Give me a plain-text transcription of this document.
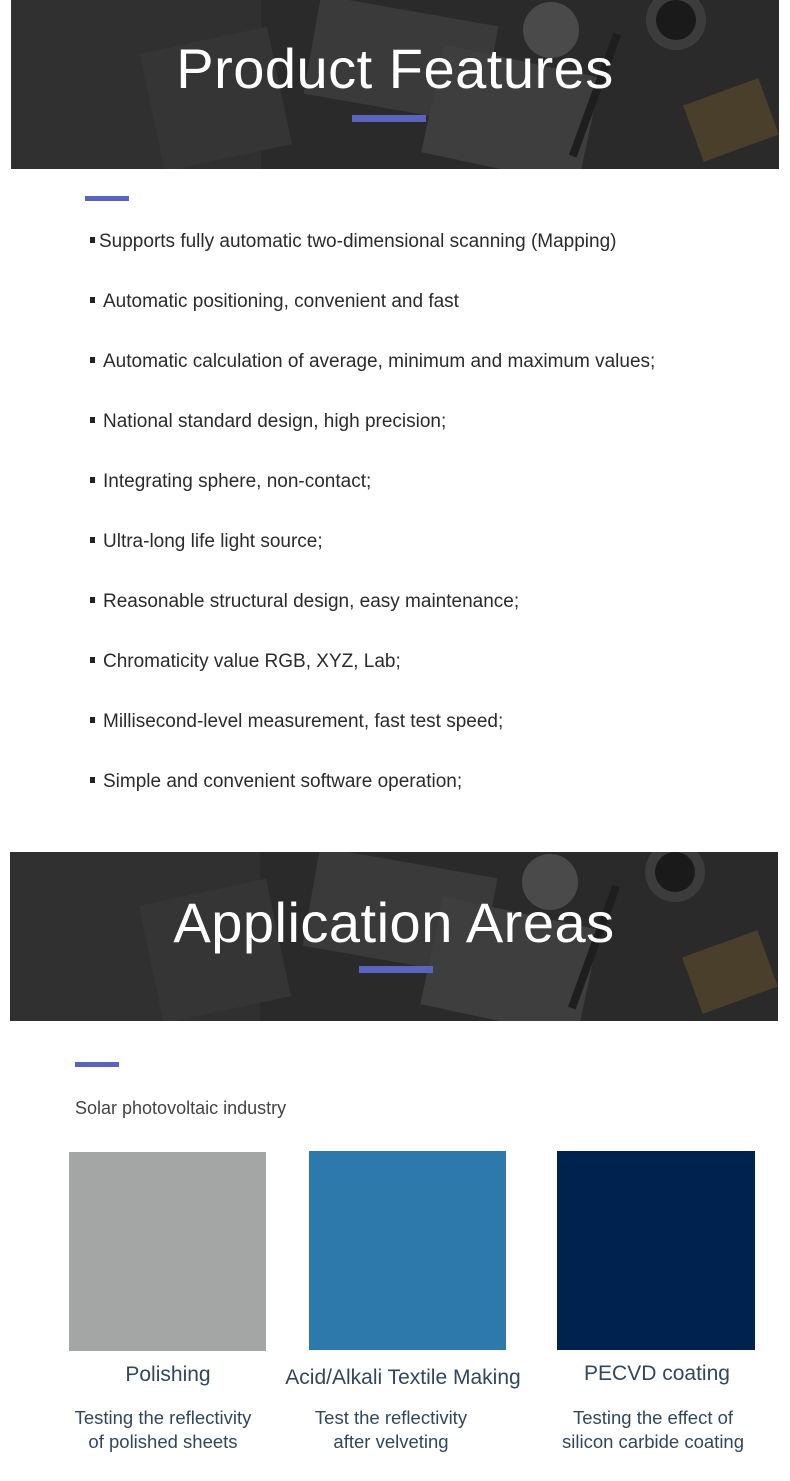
Product Features
Supports fully automatic two-dimensional scanning (Mapping)
Automatic positioning, convenient and fast
Automatic calculation of average, minimum and maximum values;
National standard design, high precision;
Integrating sphere, non-contact;
Ultra-long life light source;
Reasonable structural design, easy maintenance;
Chromaticity value RGB, XYZ, Lab;
Millisecond-level measurement, fast test speed;
Simple and convenient software operation;
Application Areas
Solar photovoltaic industry
Polishing
Testing the reflectivity
of polished sheets
Acid/Alkali Textile Making
Test the reflectivity
after velveting
PECVD coating
Testing the effect of
silicon carbide coating
